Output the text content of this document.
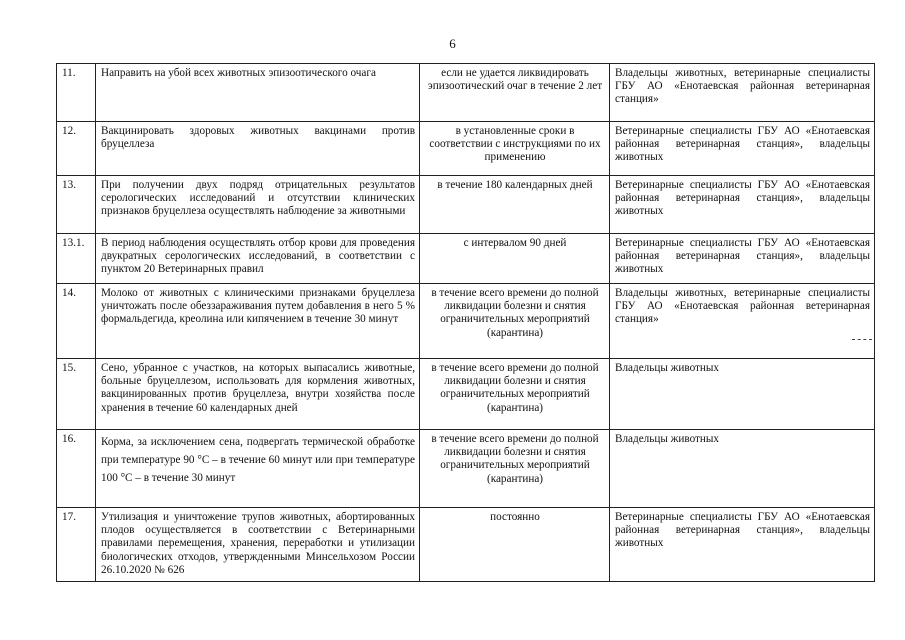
6
11.	Направить на убой всех животных эпизоотического очага	если не удается ликвидировать эпизоотический очаг в течение 2 лет	Владельцы животных, ветеринарные специалисты ГБУ АО «Енотаевская районная ветеринарная станция»
12.	Вакцинировать здоровых животных вакцинами против бруцеллеза	в установленные сроки в соответствии с инструкциями по их применению	Ветеринарные специалисты ГБУ АО «Енотаевская районная ветеринарная станция», владельцы животных
13.	При получении двух подряд отрицательных результатов серологических исследований и отсутствии клинических признаков бруцеллеза осуществлять наблюдение за животными	в течение 180 календарных дней	Ветеринарные специалисты ГБУ АО «Енотаевская районная ветеринарная станция», владельцы животных
13.1.	В период наблюдения осуществлять отбор крови для проведения двукратных серологических исследований, в соответствии с пунктом 20 Ветеринарных правил	с интервалом 90 дней	Ветеринарные специалисты ГБУ АО «Енотаевская районная ветеринарная станция», владельцы животных
14.	Молоко от животных с клиническими признаками бруцеллеза уничтожать после обеззараживания путем добавления в него 5 % формальдегида, креолина или кипячением в течение 30 минут	в течение всего времени до полной ликвидации болезни и снятия ограничительных мероприятий (карантина)	Владельцы животных, ветеринарные специалисты ГБУ АО «Енотаевская районная ветеринарная станция»
15.	Сено, убранное с участков, на которых выпасались животные, больные бруцеллезом, использовать для кормления животных, вакцинированных против бруцеллеза, внутри хозяйства после хранения в течение 60 календарных дней	в течение всего времени до полной ликвидации болезни и снятия ограничительных мероприятий (карантина)	Владельцы животных
16.	Корма, за исключением сена, подвергать термической обработке при температуре 90 °С – в течение 60 минут или при температуре 100 °С – в течение 30 минут	в течение всего времени до полной ликвидации болезни и снятия ограничительных мероприятий (карантина)	Владельцы животных
17.	Утилизация и уничтожение трупов животных, абортированных плодов осуществляется в соответствии с Ветеринарными правилами перемещения, хранения, переработки и утилизации биологических отходов, утвержденными Минсельхозом России 26.10.2020 № 626	постоянно	Ветеринарные специалисты ГБУ АО «Енотаевская районная ветеринарная станция», владельцы животных
